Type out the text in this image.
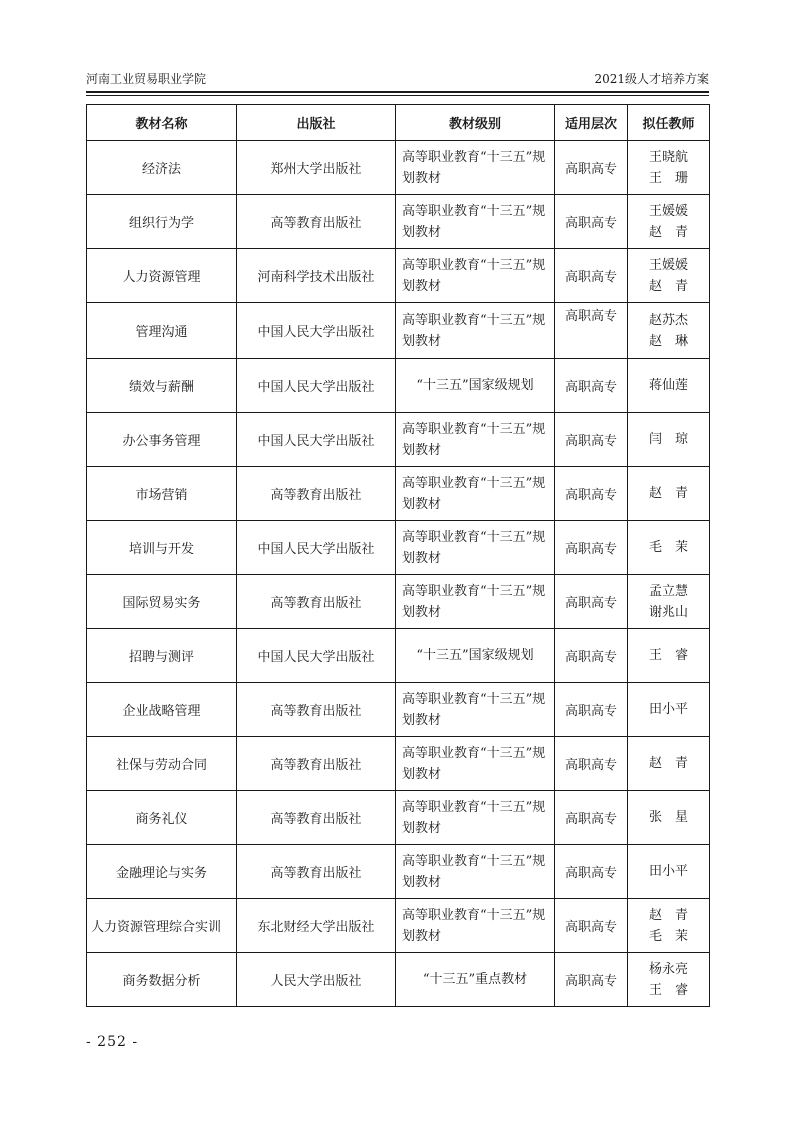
河南工业贸易职业学院	2021级人才培养方案
教材名称	出版社	教材级别	适用层次	拟任教师
经济法	郑州大学出版社	高等职业教育“十三五”规划教材	高职高专	王晓航
王　珊

组织行为学	高等教育出版社	高等职业教育“十三五”规划教材	高职高专	王媛媛
赵　青

人力资源管理	河南科学技术出版社	高等职业教育“十三五”规划教材	高职高专	王媛媛
赵　青

管理沟通	中国人民大学出版社	高等职业教育“十三五”规划教材	高职高专	赵苏杰
赵　琳

绩效与薪酬	中国人民大学出版社	“十三五”国家级规划	高职高专	蒋仙莲

办公事务管理	中国人民大学出版社	高等职业教育“十三五”规划教材	高职高专	闫　琼

市场营销	高等教育出版社	高等职业教育“十三五”规划教材	高职高专	赵　青

培训与开发	中国人民大学出版社	高等职业教育“十三五”规划教材	高职高专	毛　茉

国际贸易实务	高等教育出版社	高等职业教育“十三五”规划教材	高职高专	孟立慧
谢兆山

招聘与测评	中国人民大学出版社	“十三五”国家级规划	高职高专	王　睿

企业战略管理	高等教育出版社	高等职业教育“十三五”规划教材	高职高专	田小平

社保与劳动合同	高等教育出版社	高等职业教育“十三五”规划教材	高职高专	赵　青

商务礼仪	高等教育出版社	高等职业教育“十三五”规划教材	高职高专	张　星

金融理论与实务	高等教育出版社	高等职业教育“十三五”规划教材	高职高专	田小平

人力资源管理综合实训	东北财经大学出版社	高等职业教育“十三五”规划教材	高职高专	赵　青
毛　茉

商务数据分析	人民大学出版社	“十三五”重点教材	高职高专	杨永亮
王　睿
- 252 -
